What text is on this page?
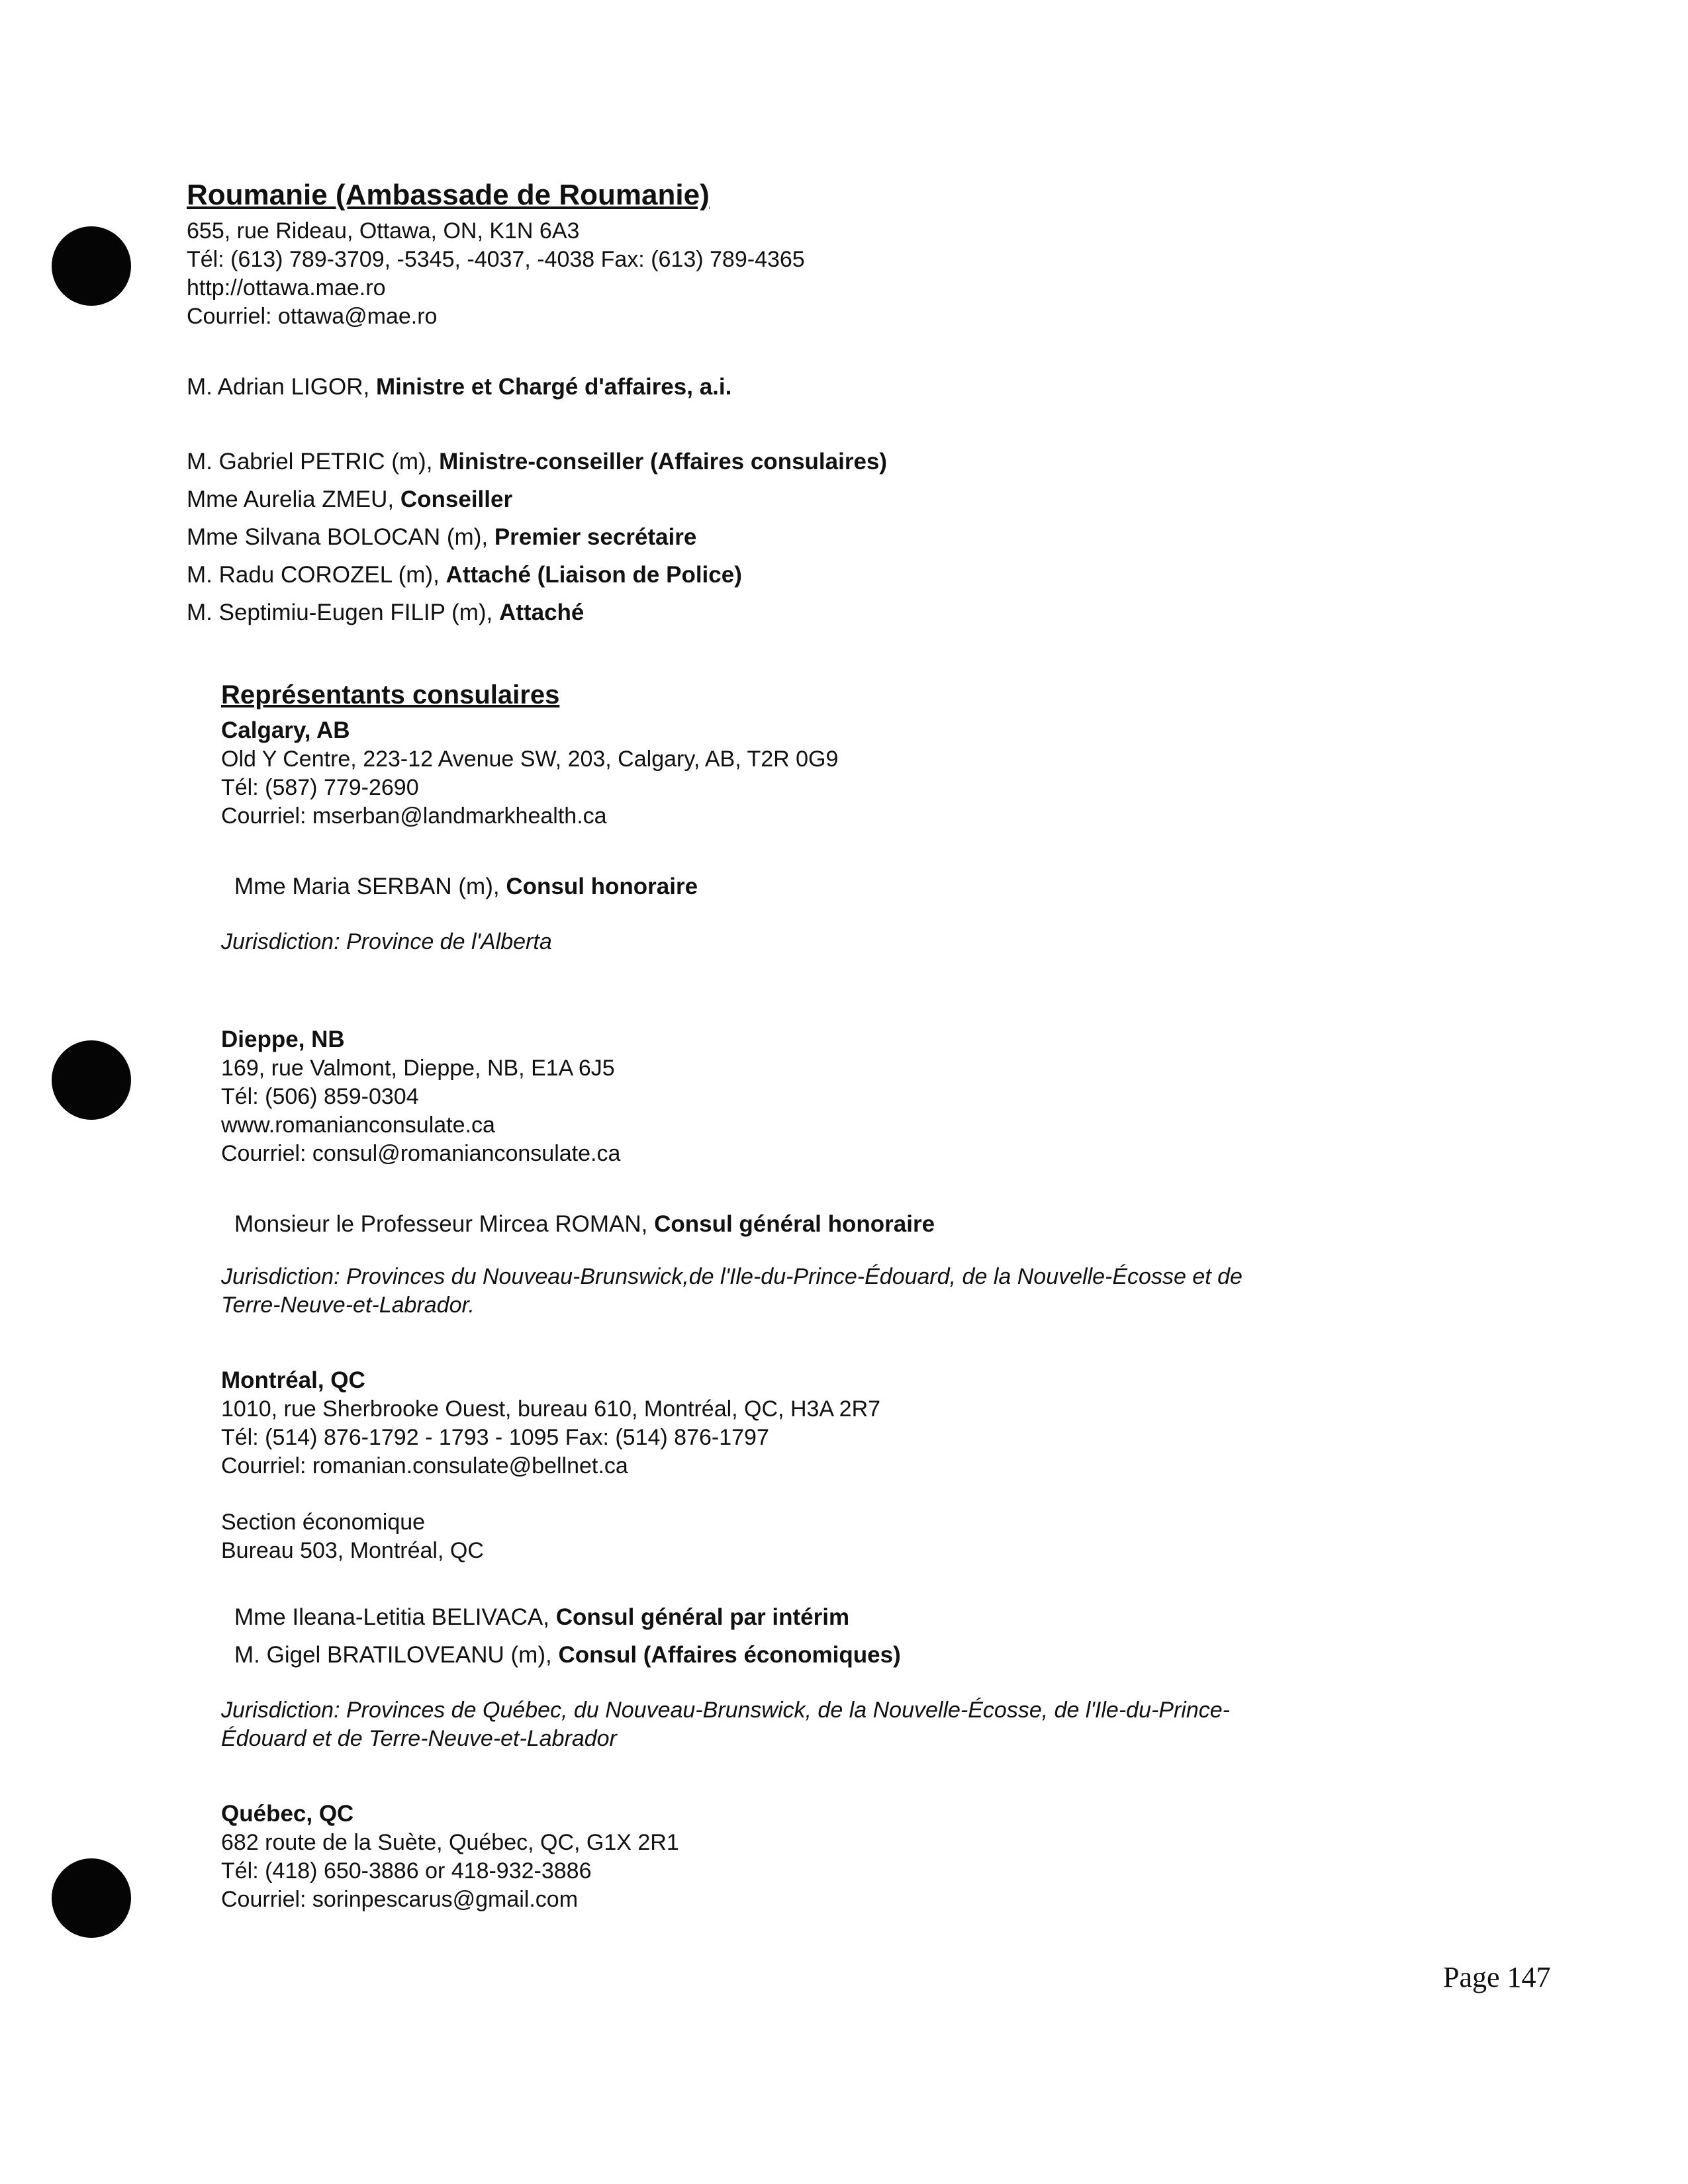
Roumanie (Ambassade de Roumanie)
655, rue Rideau, Ottawa, ON, K1N 6A3
Tél: (613) 789-3709, -5345, -4037, -4038 Fax: (613) 789-4365
http://ottawa.mae.ro
Courriel: ottawa@mae.ro
M. Adrian LIGOR, Ministre et Chargé d'affaires, a.i.
M. Gabriel PETRIC (m), Ministre-conseiller (Affaires consulaires)
Mme Aurelia ZMEU, Conseiller
Mme Silvana BOLOCAN (m), Premier secrétaire
M. Radu COROZEL (m), Attaché (Liaison de Police)
M. Septimiu-Eugen FILIP (m), Attaché
Représentants consulaires
Calgary, AB
Old Y Centre, 223-12 Avenue SW, 203, Calgary, AB, T2R 0G9
Tél: (587) 779-2690
Courriel: mserban@landmarkhealth.ca
Mme Maria SERBAN (m), Consul honoraire
Jurisdiction: Province de l'Alberta
Dieppe, NB
169, rue Valmont, Dieppe, NB, E1A 6J5
Tél: (506) 859-0304
www.romanianconsulate.ca
Courriel: consul@romanianconsulate.ca
Monsieur le Professeur Mircea ROMAN, Consul général honoraire
Jurisdiction: Provinces du Nouveau-Brunswick,de l'Ile-du-Prince-Édouard, de la Nouvelle-Écosse et de
Terre-Neuve-et-Labrador.
Montréal, QC
1010, rue Sherbrooke Ouest, bureau 610, Montréal, QC, H3A 2R7
Tél: (514) 876-1792 - 1793 - 1095 Fax: (514) 876-1797
Courriel: romanian.consulate@bellnet.ca
Section économique
Bureau 503, Montréal, QC
Mme Ileana-Letitia BELIVACA, Consul général par intérim
M. Gigel BRATILOVEANU (m), Consul (Affaires économiques)
Jurisdiction: Provinces de Québec, du Nouveau-Brunswick, de la Nouvelle-Écosse, de l'Ile-du-Prince-
Édouard et de Terre-Neuve-et-Labrador
Québec, QC
682 route de la Suète, Québec, QC, G1X 2R1
Tél: (418) 650-3886 or 418-932-3886
Courriel: sorinpescarus@gmail.com
Page 147
